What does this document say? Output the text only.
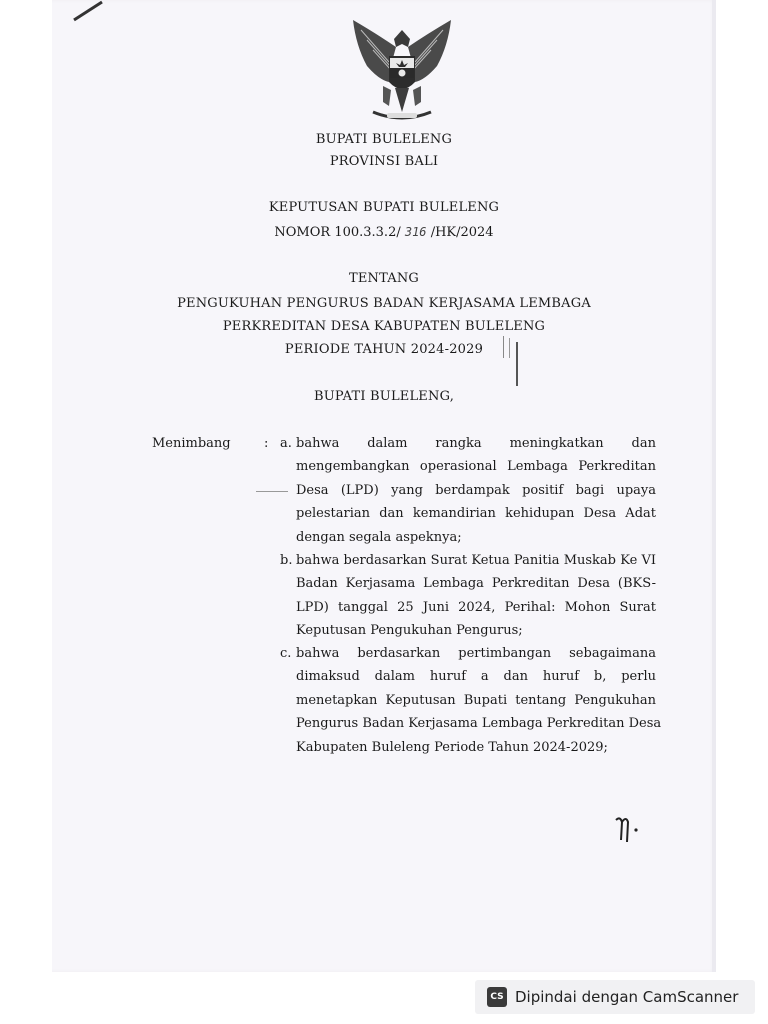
BUPATI BULELENG
PROVINSI BALI
KEPUTUSAN BUPATI BULELENG
NOMOR 100.3.3.2/ 316 /HK/2024
TENTANG
PENGUKUHAN PENGURUS BADAN KERJASAMA LEMBAGA
PERKREDITAN DESA KABUPATEN BULELENG
PERIODE TAHUN 2024-2029
BUPATI BULELENG,
Menimbang	: a. bahwa dalam rangka meningkatkan dan
mengembangkan operasional Lembaga Perkreditan
Desa (LPD) yang berdampak positif bagi upaya
pelestarian dan kemandirian kehidupan Desa Adat
dengan segala aspeknya;
b. bahwa berdasarkan Surat Ketua Panitia Muskab Ke VI
Badan Kerjasama Lembaga Perkreditan Desa (BKS-
LPD) tanggal 25 Juni 2024, Perihal: Mohon Surat
Keputusan Pengukuhan Pengurus;
c. bahwa berdasarkan pertimbangan sebagaimana
dimaksud dalam huruf a dan huruf b, perlu
menetapkan Keputusan Bupati tentang Pengukuhan
Pengurus Badan Kerjasama Lembaga Perkreditan Desa
Kabupaten Buleleng Periode Tahun 2024-2029;
CS Dipindai dengan CamScanner
